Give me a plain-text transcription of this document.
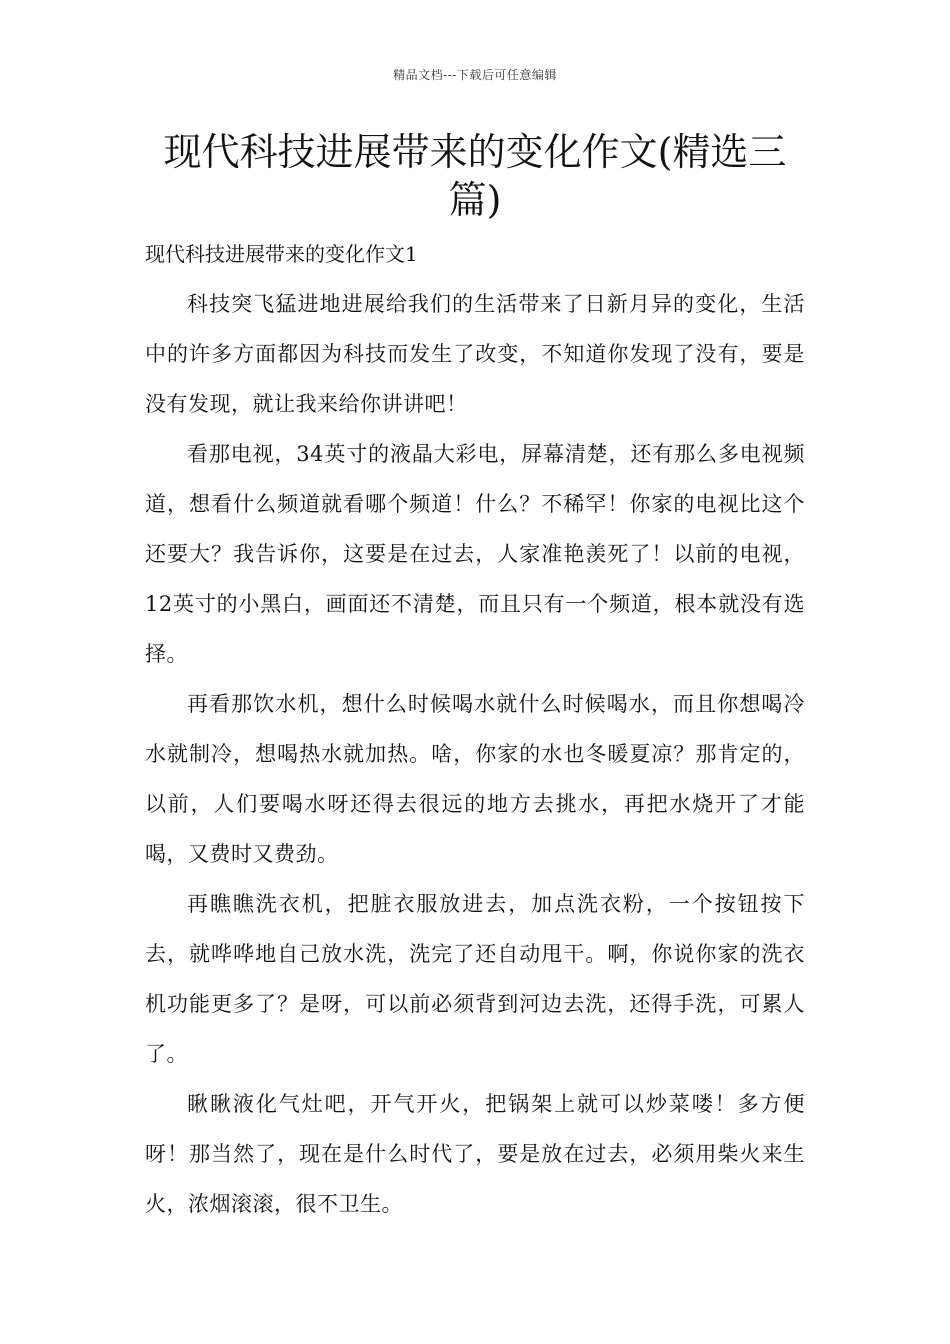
精品文档---下载后可任意编辑
现代科技进展带来的变化作文(精选三篇)
现代科技进展带来的变化作文1

科技突飞猛进地进展给我们的生活带来了日新月异的变化，生活中的许多方面都因为科技而发生了改变，不知道你发现了没有，要是没有发现，就让我来给你讲讲吧！

看那电视，34英寸的液晶大彩电，屏幕清楚，还有那么多电视频道，想看什么频道就看哪个频道！什么？不稀罕！你家的电视比这个还要大？我告诉你，这要是在过去，人家准艳羡死了！以前的电视，12英寸的小黑白，画面还不清楚，而且只有一个频道，根本就没有选择。

再看那饮水机，想什么时候喝水就什么时候喝水，而且你想喝冷水就制冷，想喝热水就加热。啥，你家的水也冬暖夏凉？那肯定的，以前，人们要喝水呀还得去很远的地方去挑水，再把水烧开了才能喝，又费时又费劲。

再瞧瞧洗衣机，把脏衣服放进去，加点洗衣粉，一个按钮按下去，就哗哗地自己放水洗，洗完了还自动甩干。啊，你说你家的洗衣机功能更多了？是呀，可以前必须背到河边去洗，还得手洗，可累人了。

瞅瞅液化气灶吧，开气开火，把锅架上就可以炒菜喽！多方便呀！那当然了，现在是什么时代了，要是放在过去，必须用柴火来生火，浓烟滚滚，很不卫生。
